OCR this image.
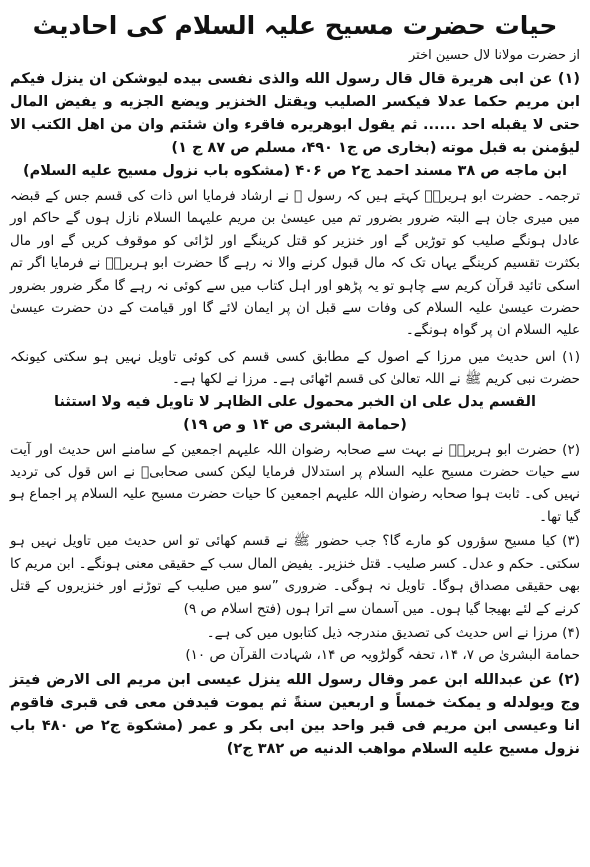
حیات حضرت مسیح علیہ السلام کی احادیث
از حضرت مولانا لال حسین اختر

(۱) عن ابی هریرة قال قال رسول الله والذی نفسی بیده لیوشکن ان ینزل فیکم ابن مریم حکما عدلا فیکسر الصلیب ویقتل الخنزیر ویضع الجزیه و یفیض المال حتی لا یقبله احد ...... ثم یقول ابوهریره فاقرء وان شئتم وان من اهل الکتب الا لیؤمنن به قبل موته (بخاری ص ج۱ ۴۹۰، مسلم ص ۸۷ ج ۱)

ابن ماجه ص ۳۸ مسند احمد ج۲ ص ۴۰۶ (مشکوه باب نزول مسیح علیه السلام)

ترجمہ۔ حضرت ابو ہریرہؓ کہتے ہیں کہ رسول ﷺ نے ارشاد فرمایا اس ذات کی قسم جس کے قبضہ میں میری جان ہے البتہ ضرور بضرور تم میں عیسیٰ بن مریم علیہما السلام نازل ہوں گے حاکم اور عادل ہونگے صلیب کو توڑیں گے اور خنزیر کو قتل کرینگے اور لڑائی کو موقوف کریں گے اور مال بکثرت تقسیم کرینگے یہاں تک کہ مال قبول کرنے والا نہ رہے گا حضرت ابو ہریرہؓ نے فرمایا اگر تم اسکی تائید قرآن کریم سے چاہو تو یہ پڑھو اور اہل کتاب میں سے کوئی نہ رہے گا مگر ضرور بضرور حضرت عیسیٰ علیہ السلام کی وفات سے قبل ان پر ایمان لائے گا اور قیامت کے دن حضرت عیسیٰ علیہ السلام ان پر گواہ ہونگے۔

(۱) اس حدیث میں مرزا کے اصول کے مطابق کسی قسم کی کوئی تاویل نہیں ہو سکتی کیونکہ حضرت نبی کریم ﷺ نے اللہ تعالیٰ کی قسم اٹھائی ہے۔ مرزا نے لکھا ہے۔

القسم یدل علی ان الخبر محمول علی الظاہر لا تاویل فیه ولا استثنا

(حمامة البشری ص ۱۴ و ص ۱۹)

(۲) حضرت ابو ہریرہؓ نے بہت سے صحابہ رضوان اللہ علیہم اجمعین کے سامنے اس حدیث اور آیت سے حیات حضرت مسیح علیہ السلام پر استدلال فرمایا لیکن کسی صحابیؓ نے اس قول کی تردید نہیں کی۔ ثابت ہوا صحابہ رضوان اللہ علیہم اجمعین کا حیات حضرت مسیح علیہ السلام پر اجماع ہو گیا تھا۔

(۳) کیا مسیح سؤروں کو مارے گا؟ جب حضور ﷺ نے قسم کھائی تو اس حدیث میں تاویل نہیں ہو سکتی۔ حکم و عدل۔ کسر صلیب۔ قتل خنزیر۔ یفیض المال سب کے حقیقی معنی ہونگے۔ ابن مریم کا بھی حقیقی مصداق ہوگا۔ تاویل نہ ہوگی۔ ضروری ”سو میں صلیب کے توڑنے اور خنزیروں کے قتل کرنے کے لئے بھیجا گیا ہوں۔ میں آسمان سے اترا ہوں (فتح اسلام ص ۹)

(۴) مرزا نے اس حدیث کی تصدیق مندرجہ ذیل کتابوں میں کی ہے۔

حمامة البشریٰ ص ۷، ۱۴، تحفہ گولڑویہ ص ۱۴، شہادت القرآن ص ۱۰)

(۲) عن عبدالله ابن عمر وقال رسول الله ینزل عیسی ابن مریم الی الارض فیتز وج ویولدله و یمکث خمساً و اربعین سنةً ثم یموت فیدفن معی فی قبری فاقوم انا وعیسی ابن مریم فی قبر واحد بین ابی بکر و عمر (مشکوة ج۲ ص ۴۸۰ باب نزول مسیح علیه السلام مواهب الدنیه ص ۳۸۲ ج۲)
